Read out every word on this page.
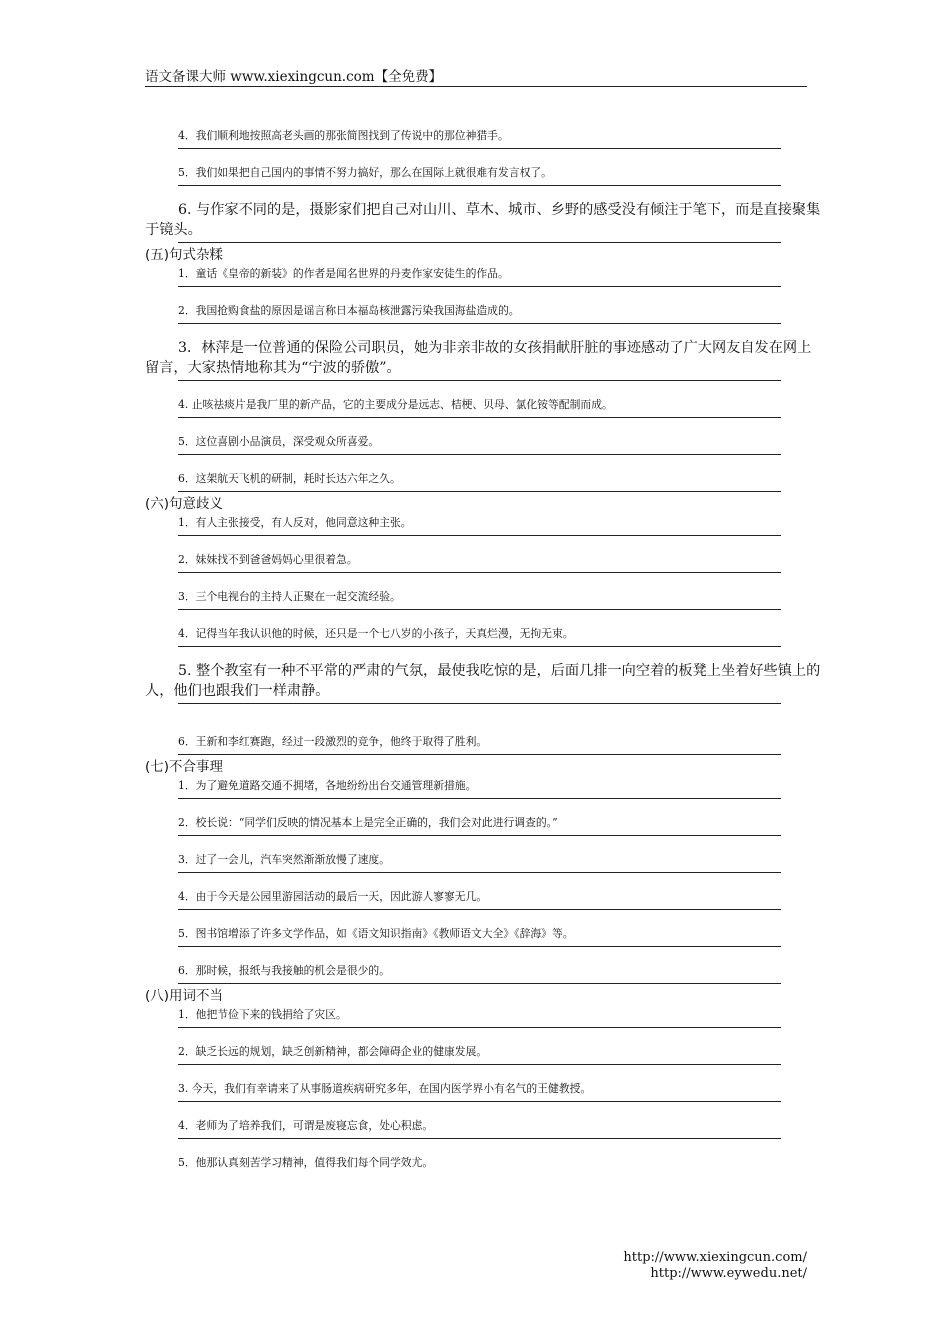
语文备课大师 www.xiexingcun.com【全免费】
4．我们顺利地按照高老头画的那张简图找到了传说中的那位神猎手。
5．我们如果把自己国内的事情不努力搞好，那么在国际上就很难有发言权了。
6. 与作家不同的是，摄影家们把自己对山川、草木、城市、乡野的感受没有倾注于笔下，而是直接聚集于镜头。
(五)句式杂糅
1．童话《皇帝的新装》的作者是闻名世界的丹麦作家安徒生的作品。
2．我国抢购食盐的原因是谣言称日本福岛核泄露污染我国海盐造成的。
3．林萍是一位普通的保险公司职员，她为非亲非故的女孩捐献肝脏的事迹感动了广大网友自发在网上留言，大家热情地称其为“宁波的骄傲”。
4. 止咳祛痰片是我厂里的新产品，它的主要成分是远志、桔梗、贝母、氯化铵等配制而成。
5．这位喜剧小品演员，深受观众所喜爱。
6．这架航天飞机的研制，耗时长达六年之久。
(六)句意歧义
1．有人主张接受，有人反对，他同意这种主张。
2．妹妹找不到爸爸妈妈心里很着急。
3．三个电视台的主持人正聚在一起交流经验。
4．记得当年我认识他的时候，还只是一个七八岁的小孩子，天真烂漫，无拘无束。
5. 整个教室有一种不平常的严肃的气氛，最使我吃惊的是，后面几排一向空着的板凳上坐着好些镇上的人，他们也跟我们一样肃静。
6．王新和李红赛跑，经过一段激烈的竞争，他终于取得了胜利。
(七)不合事理
1．为了避免道路交通不拥堵，各地纷纷出台交通管理新措施。
2．校长说：“同学们反映的情况基本上是完全正确的，我们会对此进行调查的。”
3．过了一会儿，汽车突然渐渐放慢了速度。
4．由于今天是公园里游园活动的最后一天，因此游人寥寥无几。
5．图书馆增添了许多文学作品，如《语文知识指南》《教师语文大全》《辞海》等。
6．那时候，报纸与我接触的机会是很少的。
(八)用词不当
1．他把节俭下来的钱捐给了灾区。
2．缺乏长远的规划，缺乏创新精神，都会障碍企业的健康发展。
3. 今天，我们有幸请来了从事肠道疾病研究多年，在国内医学界小有名气的王健教授。
4．老师为了培养我们，可谓是废寝忘食，处心积虑。
5．他那认真刻苦学习精神，值得我们每个同学效尤。
http://www.xiexingcun.com/ http://www.eywedu.net/
